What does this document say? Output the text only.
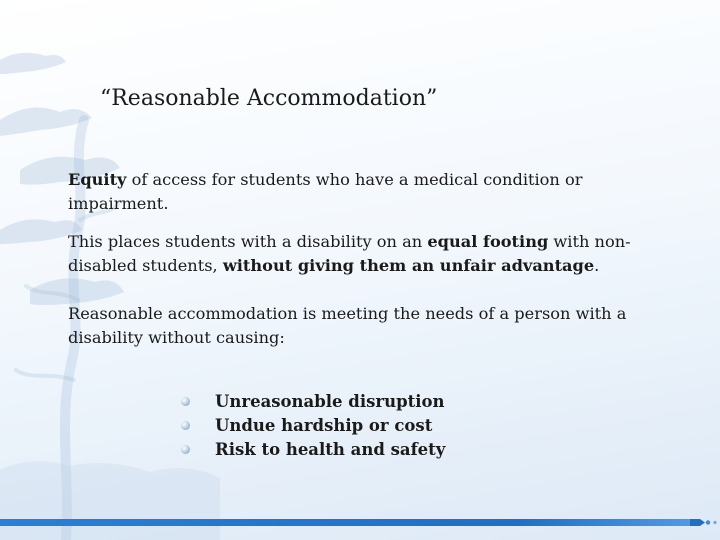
“Reasonable Accommodation”
Equity of access for students who have a medical condition or impairment.
This places students with a disability on an equal footing with non-disabled students, without giving them an unfair advantage.
Reasonable accommodation is meeting the needs of a person with a disability without causing:
Unreasonable disruption
Undue hardship or cost
Risk to health and safety
